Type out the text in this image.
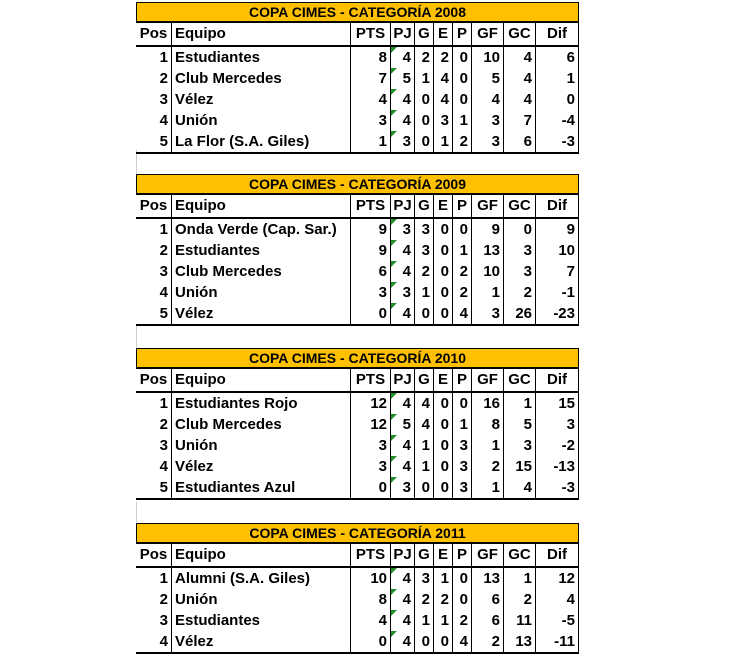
COPA CIMES - CATEGORÍA 2008
COPA CIMES - CATEGORÍA 2009
COPA CIMES - CATEGORÍA 2010
COPA CIMES - CATEGORÍA 2011
